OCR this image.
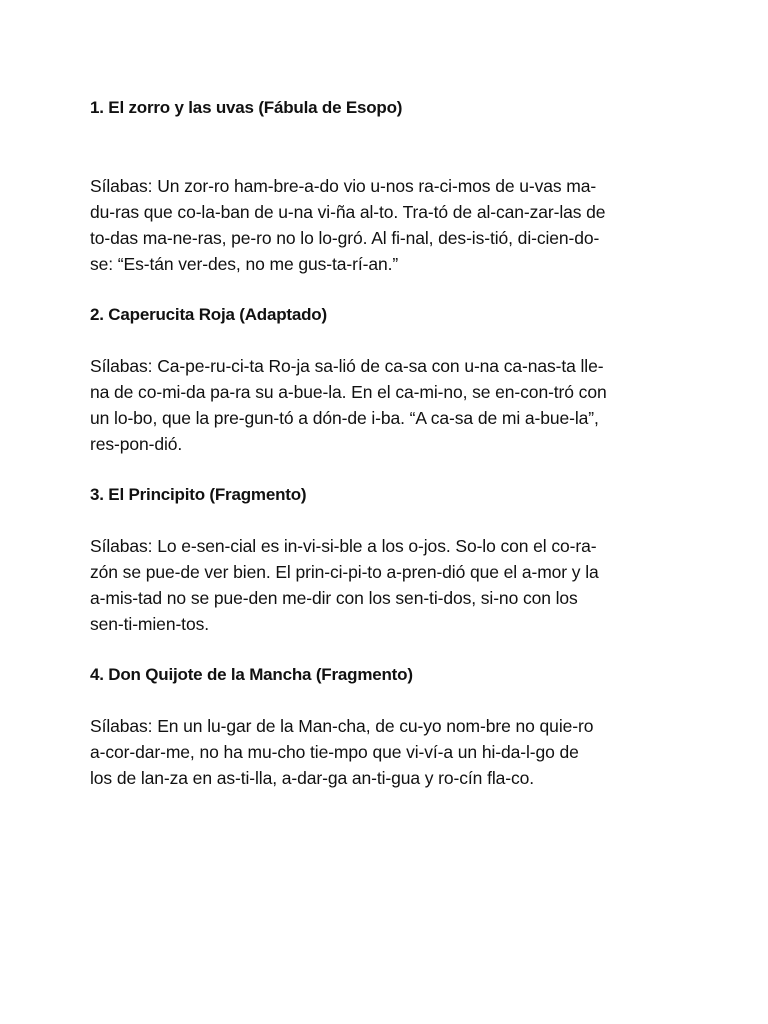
1. El zorro y las uvas (Fábula de Esopo)

Sílabas: Un zor-ro ham-bre-a-do vio u-nos ra-ci-mos de u-vas ma-
du-ras que co-la-ban de u-na vi-ña al-to. Tra-tó de al-can-zar-las de
to-das ma-ne-ras, pe-ro no lo lo-gró. Al fi-nal, des-is-tió, di-cien-do-
se: “Es-tán ver-des, no me gus-ta-rí-an.”

2. Caperucita Roja (Adaptado)

Sílabas: Ca-pe-ru-ci-ta Ro-ja sa-lió de ca-sa con u-na ca-nas-ta lle-
na de co-mi-da pa-ra su a-bue-la. En el ca-mi-no, se en-con-tró con
un lo-bo, que la pre-gun-tó a dón-de i-ba. “A ca-sa de mi a-bue-la”,
res-pon-dió.

3. El Principito (Fragmento)

Sílabas: Lo e-sen-cial es in-vi-si-ble a los o-jos. So-lo con el co-ra-
zón se pue-de ver bien. El prin-ci-pi-to a-pren-dió que el a-mor y la
a-mis-tad no se pue-den me-dir con los sen-ti-dos, si-no con los
sen-ti-mien-tos.

4. Don Quijote de la Mancha (Fragmento)

Sílabas: En un lu-gar de la Man-cha, de cu-yo nom-bre no quie-ro
a-cor-dar-me, no ha mu-cho tie-mpo que vi-ví-a un hi-da-l-go de
los de lan-za en as-ti-lla, a-dar-ga an-ti-gua y ro-cín fla-co.
